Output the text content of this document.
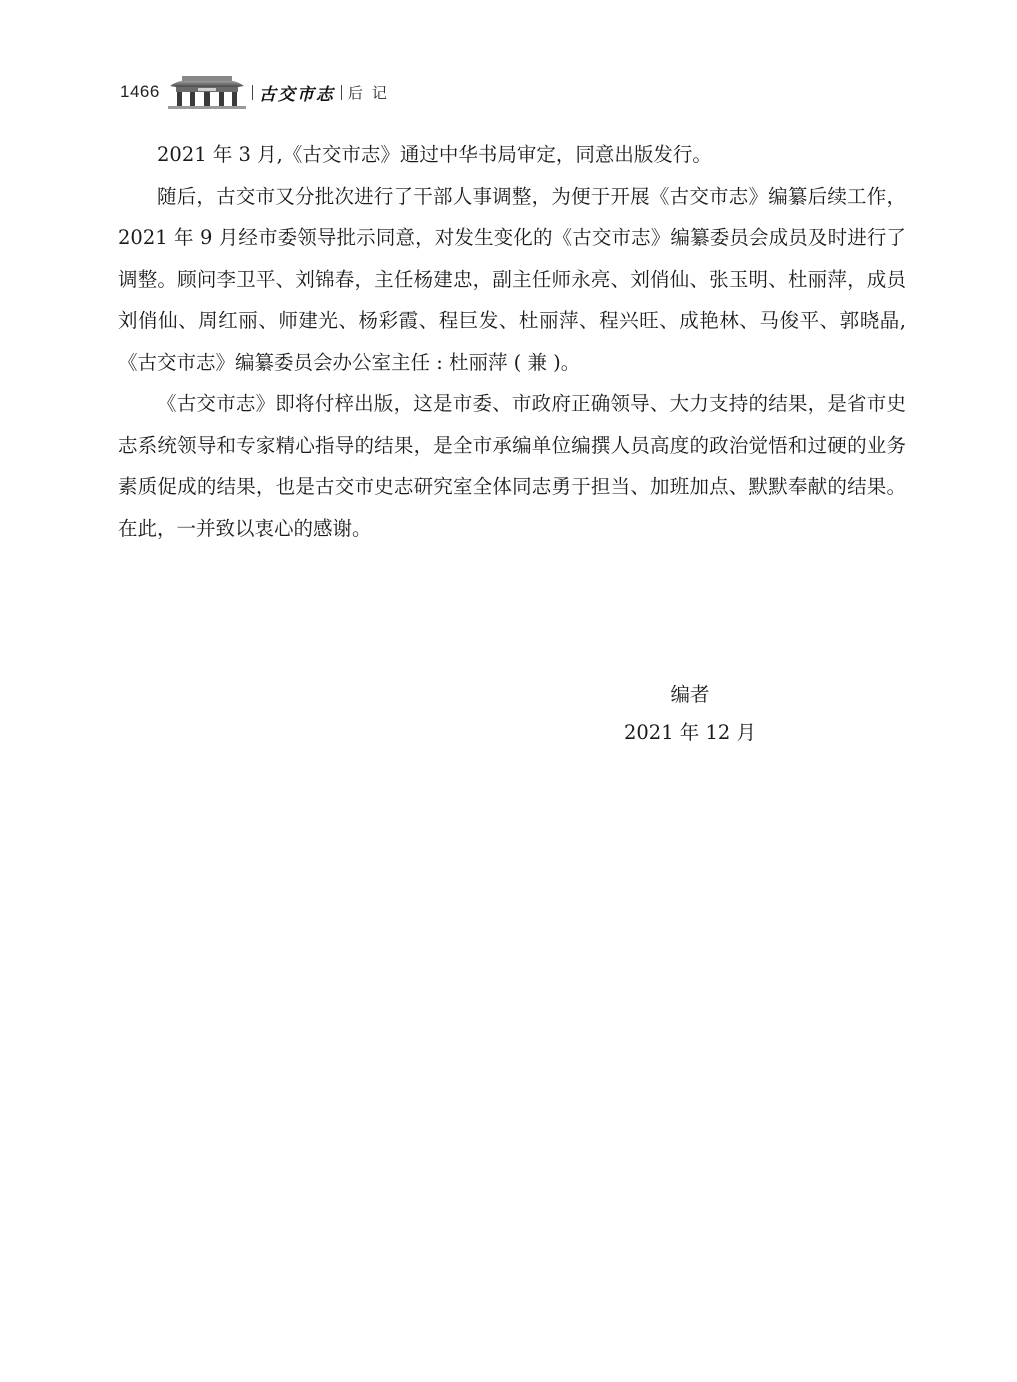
1466	古交市志 后记

2021 年 3 月,《古交市志》通过中华书局审定，同意出版发行。

随后，古交市又分批次进行了干部人事调整，为便于开展《古交市志》编纂后续工作，2021 年 9 月经市委领导批示同意，对发生变化的《古交市志》编纂委员会成员及时进行了调整。顾问李卫平、刘锦春，主任杨建忠，副主任师永亮、刘俏仙、张玉明、杜丽萍，成员刘俏仙、周红丽、师建光、杨彩霞、程巨发、杜丽萍、程兴旺、成艳林、马俊平、郭晓晶,《古交市志》编纂委员会办公室主任 : 杜丽萍 ( 兼 )。

《古交市志》即将付梓出版，这是市委、市政府正确领导、大力支持的结果，是省市史志系统领导和专家精心指导的结果，是全市承编单位编撰人员高度的政治觉悟和过硬的业务素质促成的结果，也是古交市史志研究室全体同志勇于担当、加班加点、默默奉献的结果。在此，一并致以衷心的感谢。

编者
2021 年 12 月
